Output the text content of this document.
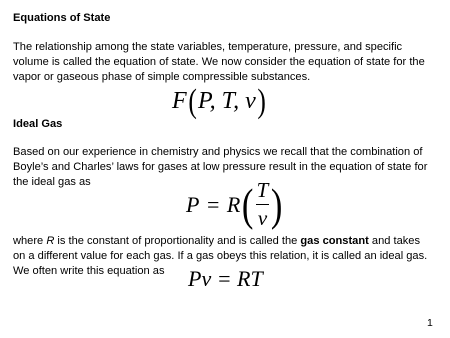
Equations of State
The relationship among the state variables, temperature, pressure, and specific
volume is called the equation of state. We now consider the equation of state for the
vapor or gaseous phase of simple compressible substances.
F(P, T, v)
Ideal Gas
Based on our experience in chemistry and physics we recall that the combination of
Boyle’s and Charles’ laws for gases at low pressure result in the equation of state for
the ideal gas as
$P = R( \frac{T}{v}$ )
where R is the constant of proportionality and is called the gas constant and takes
on a different value for each gas. If a gas obeys this relation, it is called an ideal gas.
We often write this equation as Pv = RT
1
